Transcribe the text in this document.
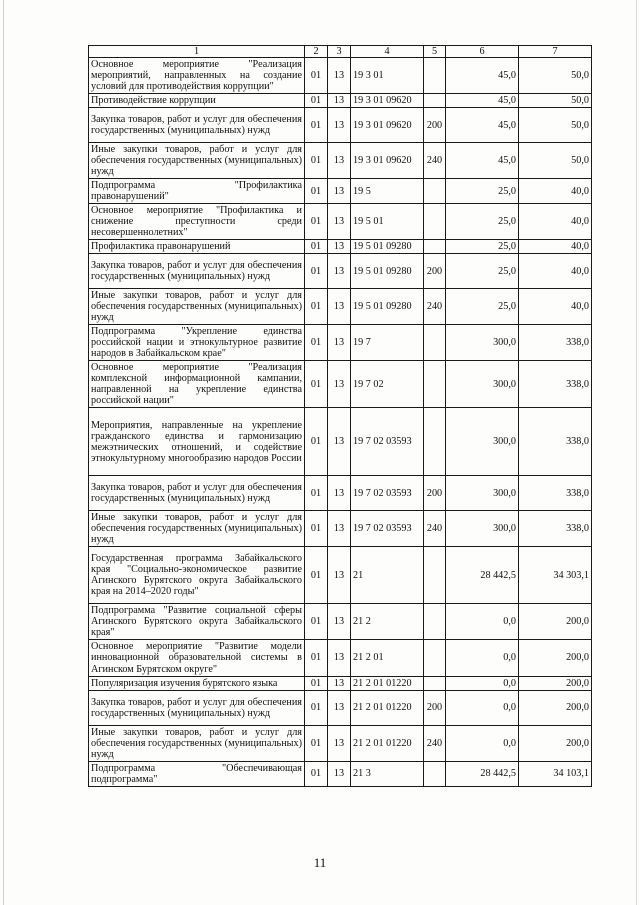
1	2	3	4	5	6	7
Основное мероприятие "Реализация мероприятий, направленных на создание условий для противодействия коррупции"	01	13	19 3 01		45,0	50,0
Противодействие коррупции	01	13	19 3 01 09620		45,0	50,0
Закупка товаров, работ и услуг для обеспечения государственных (муниципальных) нужд	01	13	19 3 01 09620	200	45,0	50,0
Иные закупки товаров, работ и услуг для обеспечения государственных (муниципальных) нужд	01	13	19 3 01 09620	240	45,0	50,0
Подпрограмма "Профилактика правонарушений"	01	13	19 5		25,0	40,0
Основное мероприятие "Профилактика и снижение преступности среди несовершеннолетних"	01	13	19 5 01		25,0	40,0
Профилактика правонарушений	01	13	19 5 01 09280		25,0	40,0
Закупка товаров, работ и услуг для обеспечения государственных (муниципальных) нужд	01	13	19 5 01 09280	200	25,0	40,0
Иные закупки товаров, работ и услуг для обеспечения государственных (муниципальных) нужд	01	13	19 5 01 09280	240	25,0	40,0
Подпрограмма "Укрепление единства российской нации и этнокультурное развитие народов в Забайкальском крае"	01	13	19 7		300,0	338,0
Основное мероприятие "Реализация комплексной информационной кампании, направленной на укрепление единства российской нации"	01	13	19 7 02		300,0	338,0
Мероприятия, направленные на укрепление гражданского единства и гармонизацию межэтнических отношений, и содействие этнокультурному многообразию народов России	01	13	19 7 02 03593		300,0	338,0
Закупка товаров, работ и услуг для обеспечения государственных (муниципальных) нужд	01	13	19 7 02 03593	200	300,0	338,0
Иные закупки товаров, работ и услуг для обеспечения государственных (муниципальных) нужд	01	13	19 7 02 03593	240	300,0	338,0
Государственная программа Забайкальского края "Социально-экономическое развитие Агинского Бурятского округа Забайкальского края на 2014–2020 годы"	01	13	21		28 442,5	34 303,1
Подпрограмма "Развитие социальной сферы Агинского Бурятского округа Забайкальского края"	01	13	21 2		0,0	200,0
Основное мероприятие "Развитие модели инновационной образовательной системы в Агинском Бурятском округе"	01	13	21 2 01		0,0	200,0
Популяризация изучения бурятского языка	01	13	21 2 01 01220		0,0	200,0
Закупка товаров, работ и услуг для обеспечения государственных (муниципальных) нужд	01	13	21 2 01 01220	200	0,0	200,0
Иные закупки товаров, работ и услуг для обеспечения государственных (муниципальных) нужд	01	13	21 2 01 01220	240	0,0	200,0
Подпрограмма "Обеспечивающая подпрограмма"	01	13	21 3		28 442,5	34 103,1
11
